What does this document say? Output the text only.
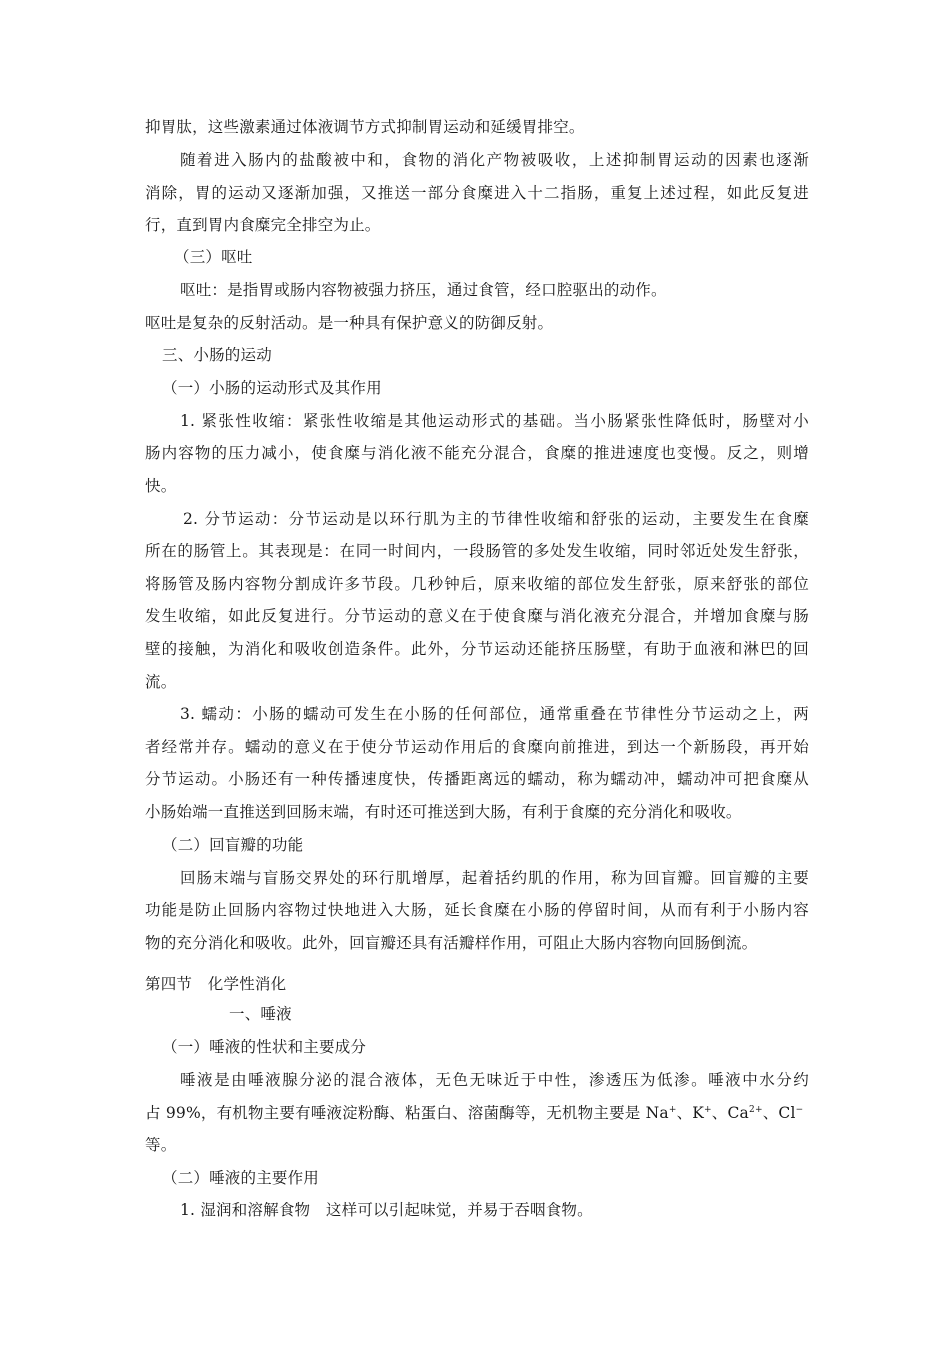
抑胃肽，这些激素通过体液调节方式抑制胃运动和延缓胃排空。
随着进入肠内的盐酸被中和，食物的消化产物被吸收，上述抑制胃运动的因素也逐渐
消除，胃的运动又逐渐加强，又推送一部分食糜进入十二指肠，重复上述过程，如此反复进
行，直到胃内食糜完全排空为止。
（三）呕吐
呕吐：是指胃或肠内容物被强力挤压，通过食管，经口腔驱出的动作。
呕吐是复杂的反射活动。是一种具有保护意义的防御反射。
三、小肠的运动
（一）小肠的运动形式及其作用
1. 紧张性收缩：紧张性收缩是其他运动形式的基础。当小肠紧张性降低时，肠壁对小
肠内容物的压力减小，使食糜与消化液不能充分混合，食糜的推进速度也变慢。反之，则增
快。
2. 分节运动：分节运动是以环行肌为主的节律性收缩和舒张的运动，主要发生在食糜
所在的肠管上。其表现是：在同一时间内，一段肠管的多处发生收缩，同时邻近处发生舒张，
将肠管及肠内容物分割成许多节段。几秒钟后，原来收缩的部位发生舒张，原来舒张的部位
发生收缩，如此反复进行。分节运动的意义在于使食糜与消化液充分混合，并增加食糜与肠
壁的接触，为消化和吸收创造条件。此外，分节运动还能挤压肠壁，有助于血液和淋巴的回
流。
3. 蠕动：小肠的蠕动可发生在小肠的任何部位，通常重叠在节律性分节运动之上，两
者经常并存。蠕动的意义在于使分节运动作用后的食糜向前推进，到达一个新肠段，再开始
分节运动。小肠还有一种传播速度快，传播距离远的蠕动，称为蠕动冲，蠕动冲可把食糜从
小肠始端一直推送到回肠末端，有时还可推送到大肠，有利于食糜的充分消化和吸收。
（二）回盲瓣的功能
回肠末端与盲肠交界处的环行肌增厚，起着括约肌的作用，称为回盲瓣。回盲瓣的主要
功能是防止回肠内容物过快地进入大肠，延长食糜在小肠的停留时间，从而有利于小肠内容
物的充分消化和吸收。此外，回盲瓣还具有活瓣样作用，可阻止大肠内容物向回肠倒流。
第四节　化学性消化
一、唾液
（一）唾液的性状和主要成分
唾液是由唾液腺分泌的混合液体，无色无味近于中性，渗透压为低渗。唾液中水分约
占 99%，有机物主要有唾液淀粉酶、粘蛋白、溶菌酶等，无机物主要是 Na+、K+、$Ca^{2+}$、Cl−
等。
（二）唾液的主要作用
1. 湿润和溶解食物　这样可以引起味觉，并易于吞咽食物。
